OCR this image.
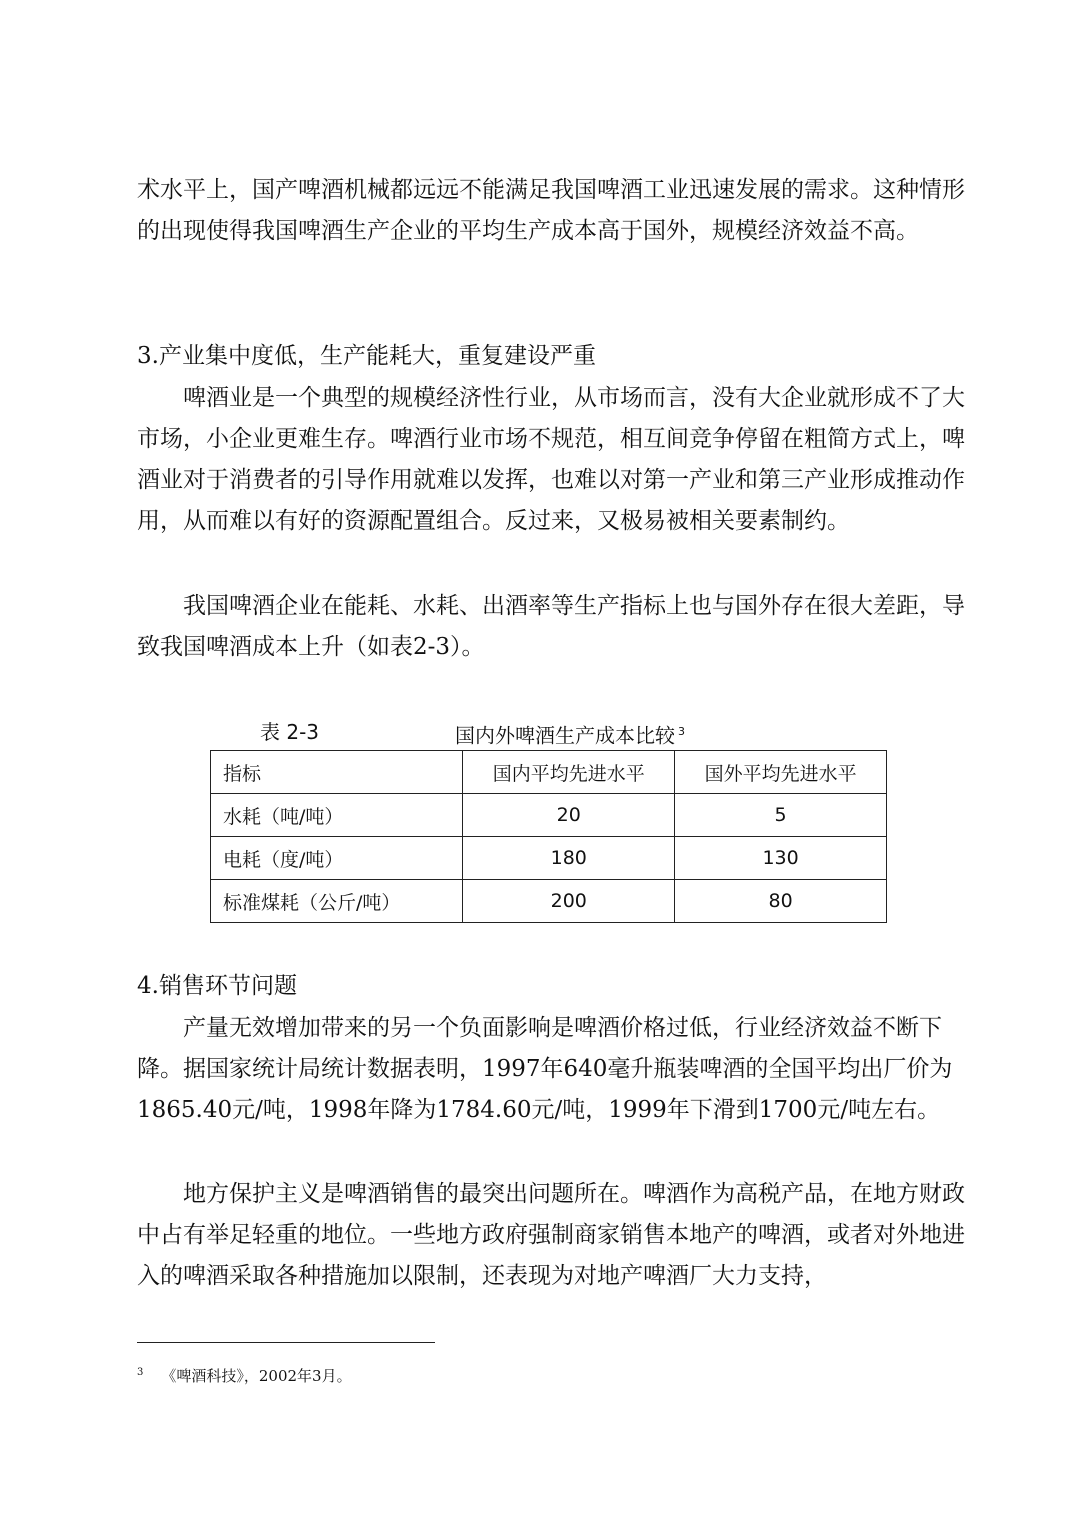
术水平上，国产啤酒机械都远远不能满足我国啤酒工业迅速发展的需求。这种情形的出现使得我国啤酒生产企业的平均生产成本高于国外，规模经济效益不高。

3.产业集中度低，生产能耗大，重复建设严重

啤酒业是一个典型的规模经济性行业，从市场而言，没有大企业就形成不了大市场，小企业更难生存。啤酒行业市场不规范，相互间竞争停留在粗简方式上，啤酒业对于消费者的引导作用就难以发挥，也难以对第一产业和第三产业形成推动作用，从而难以有好的资源配置组合。反过来，又极易被相关要素制约。

我国啤酒企业在能耗、水耗、出酒率等生产指标上也与国外存在很大差距，导致我国啤酒成本上升（如表2-3）。

表 2-3	国内外啤酒生产成本比较 $^3$
指标	国内平均先进水平	国外平均先进水平
水耗（吨/吨）	20	5
电耗（度/吨）	180	130
标准煤耗（公斤/吨）	200	80

4.销售环节问题

产量无效增加带来的另一个负面影响是啤酒价格过低，行业经济效益不断下降。据国家统计局统计数据表明，1997年640毫升瓶装啤酒的全国平均出厂价为1865.40元/吨，1998年降为1784.60元/吨，1999年下滑到1700元/吨左右。

地方保护主义是啤酒销售的最突出问题所在。啤酒作为高税产品，在地方财政中占有举足轻重的地位。一些地方政府强制商家销售本地产的啤酒，或者对外地进入的啤酒采取各种措施加以限制，还表现为对地产啤酒厂大力支持，

$^3$ 《啤酒科技》，2002年3月。
